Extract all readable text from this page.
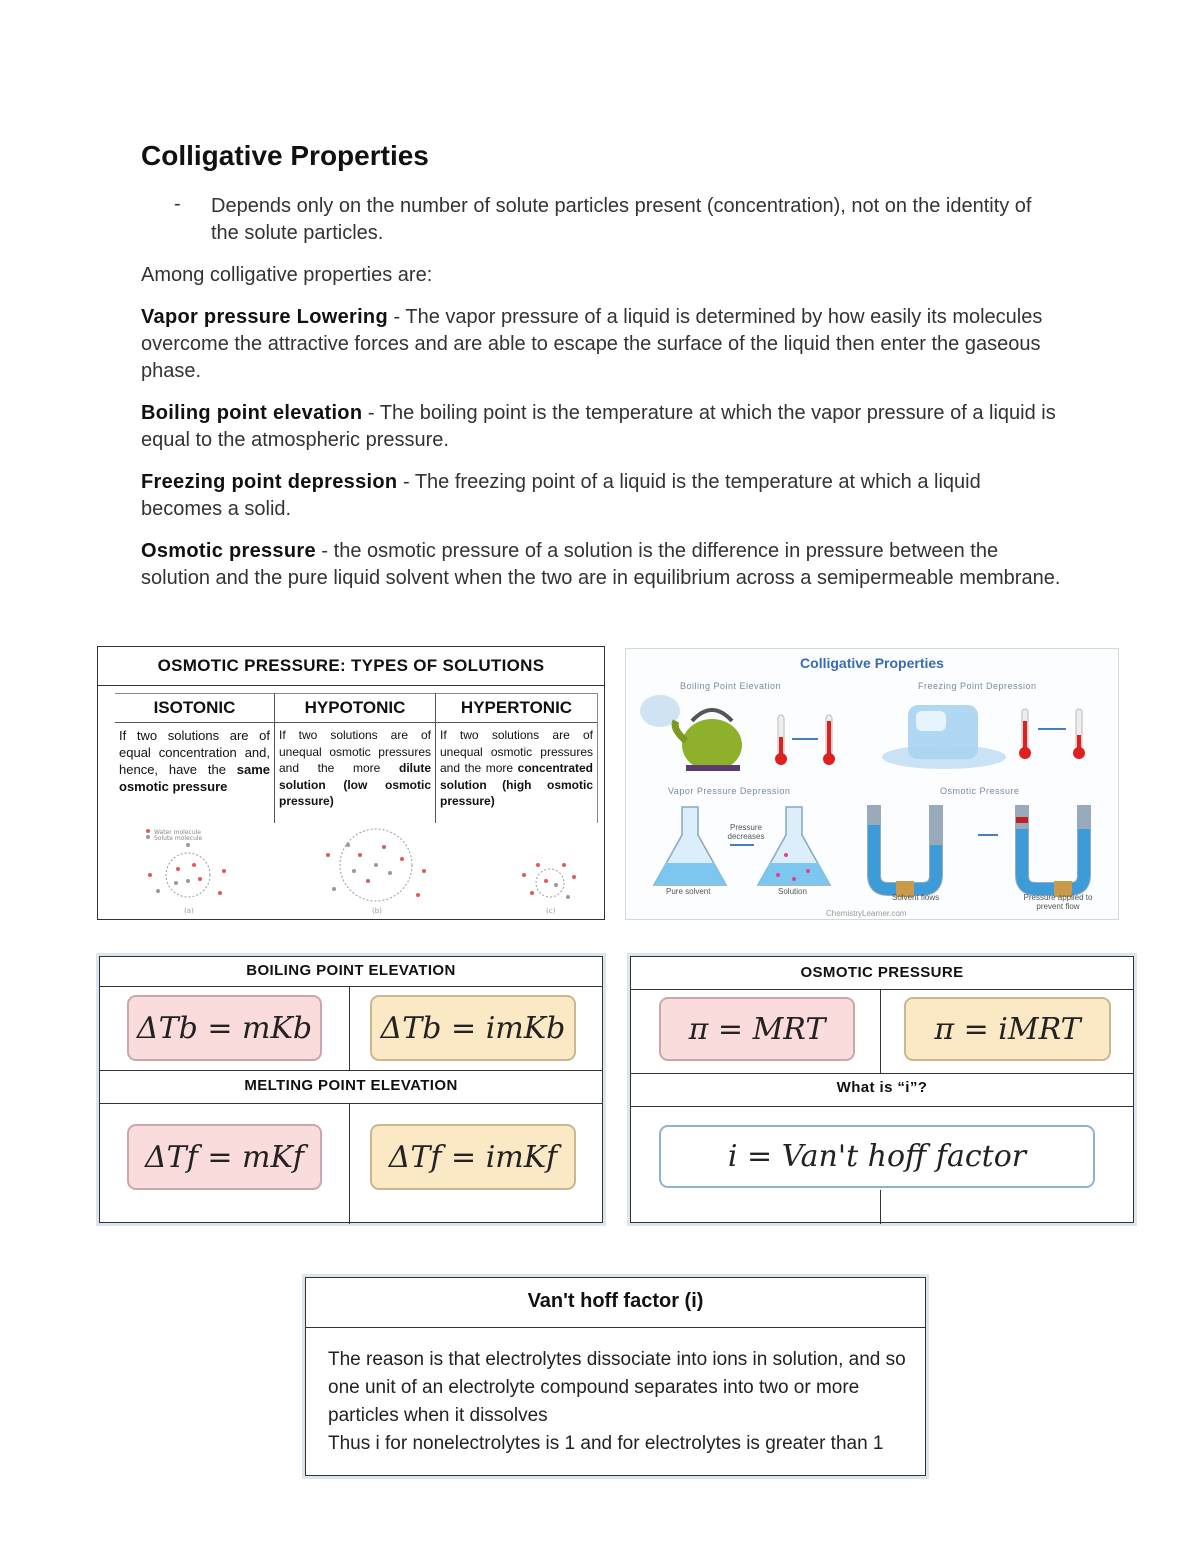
Colligative Properties
- Depends only on the number of solute particles present (concentration), not on the identity of the solute particles.
Among colligative properties are:
Vapor pressure Lowering - The vapor pressure of a liquid is determined by how easily its molecules overcome the attractive forces and are able to escape the surface of the liquid then enter the gaseous phase.
Boiling point elevation - The boiling point is the temperature at which the vapor pressure of a liquid is equal to the atmospheric pressure.
Freezing point depression - The freezing point of a liquid is the temperature at which a liquid becomes a solid.
Osmotic pressure - the osmotic pressure of a solution is the difference in pressure between the solution and the pure liquid solvent when the two are in equilibrium across a semipermeable membrane.
OSMOTIC PRESSURE: TYPES OF SOLUTIONS
ISOTONIC
If two solutions are of equal concentration and, hence, have the same osmotic pressure
HYPOTONIC
If two solutions are of unequal osmotic pressures and the more dilute solution (low osmotic pressure)
HYPERTONIC
If two solutions are of unequal osmotic pressures and the more concentrated solution (high osmotic pressure)
Water molecule
Solute molecule
(a)	(b)	(c)
Colligative Properties
Boiling Point Elevation	Freezing Point Depression
Vapor Pressure Depression	Osmotic Pressure
Pressure decreases
Pure solvent	Solution
Solvent flows	Pressure applied to prevent flow
ChemistryLearner.com
BOILING POINT ELEVATION
MELTING POINT ELEVATION
ΔTb = mKb	ΔTb = imKb
ΔTf = mKf	ΔTf = imKf
OSMOTIC PRESSURE
What is “i”?
π = MRT	π = iMRT
i = Van't hoff factor
Van't hoff factor (i)
The reason is that electrolytes dissociate into ions in solution, and so one unit of an electrolyte compound separates into two or more particles when it dissolves
Thus i for nonelectrolytes is 1 and for electrolytes is greater than 1
